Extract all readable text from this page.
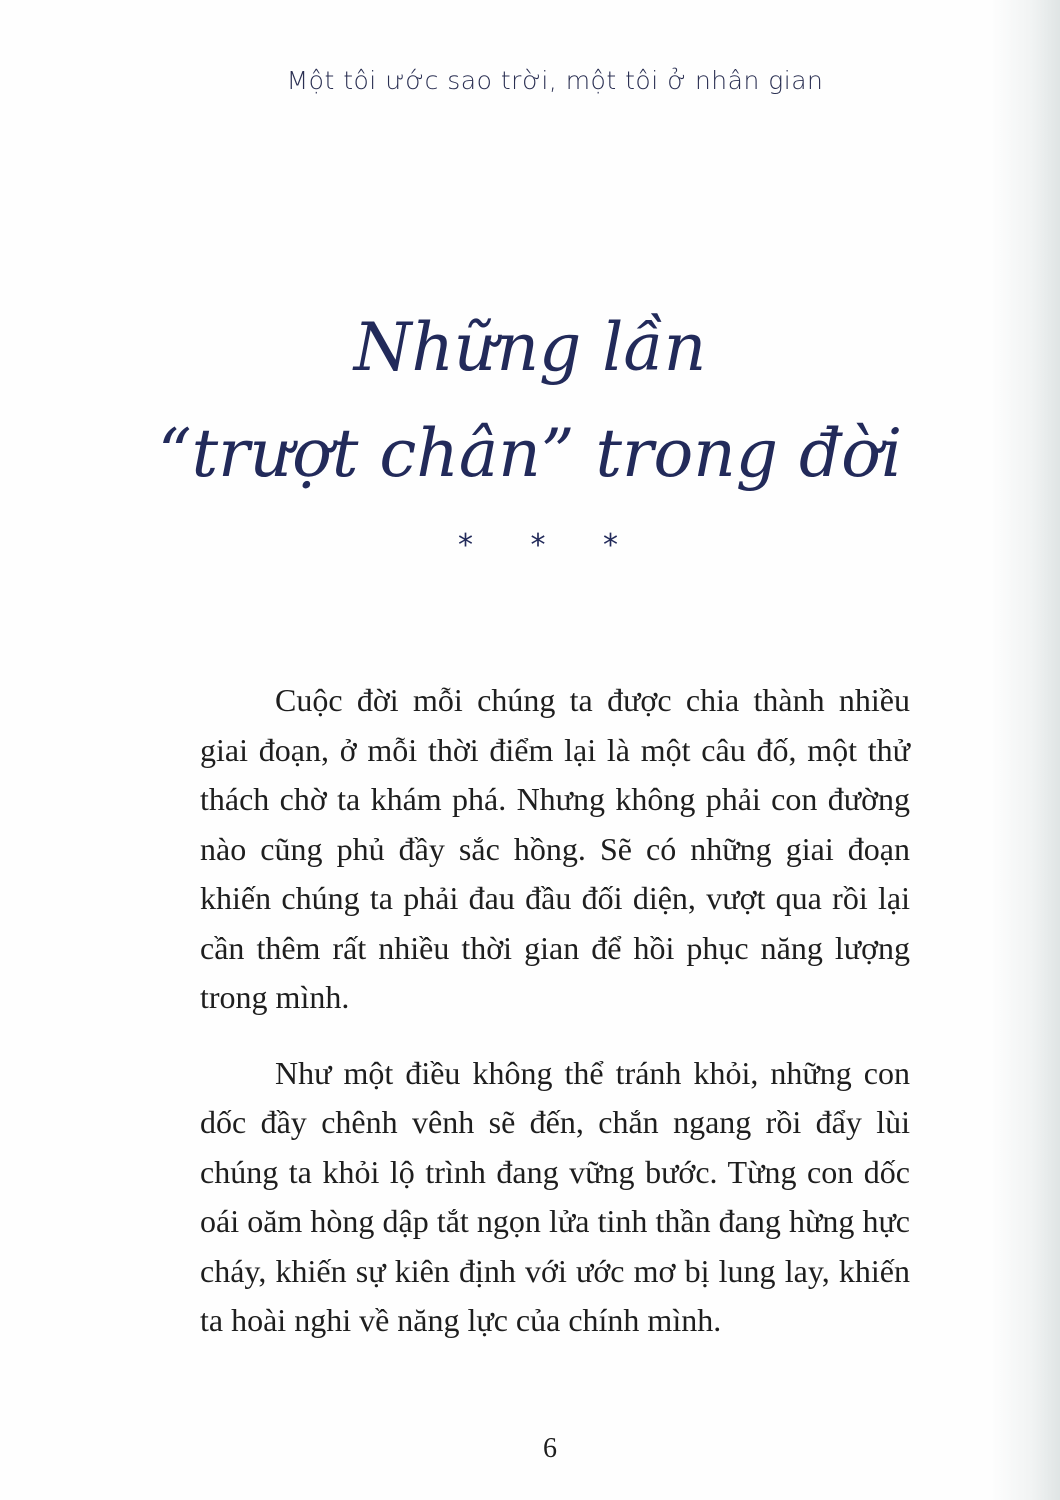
Một tôi ước sao trời, một tôi ở nhân gian
Những lần
“trượt chân” trong đời
* * *

Cuộc đời mỗi chúng ta được chia thành nhiều giai đoạn, ở mỗi thời điểm lại là một câu đố, một thử thách chờ ta khám phá. Nhưng không phải con đường nào cũng phủ đầy sắc hồng. Sẽ có những giai đoạn khiến chúng ta phải đau đầu đối diện, vượt qua rồi lại cần thêm rất nhiều thời gian để hồi phục năng lượng trong mình.

Như một điều không thể tránh khỏi, những con dốc đầy chênh vênh sẽ đến, chắn ngang rồi đẩy lùi chúng ta khỏi lộ trình đang vững bước. Từng con dốc oái oăm hòng dập tắt ngọn lửa tinh thần đang hừng hực cháy, khiến sự kiên định với ước mơ bị lung lay, khiến ta hoài nghi về năng lực của chính mình.

6
